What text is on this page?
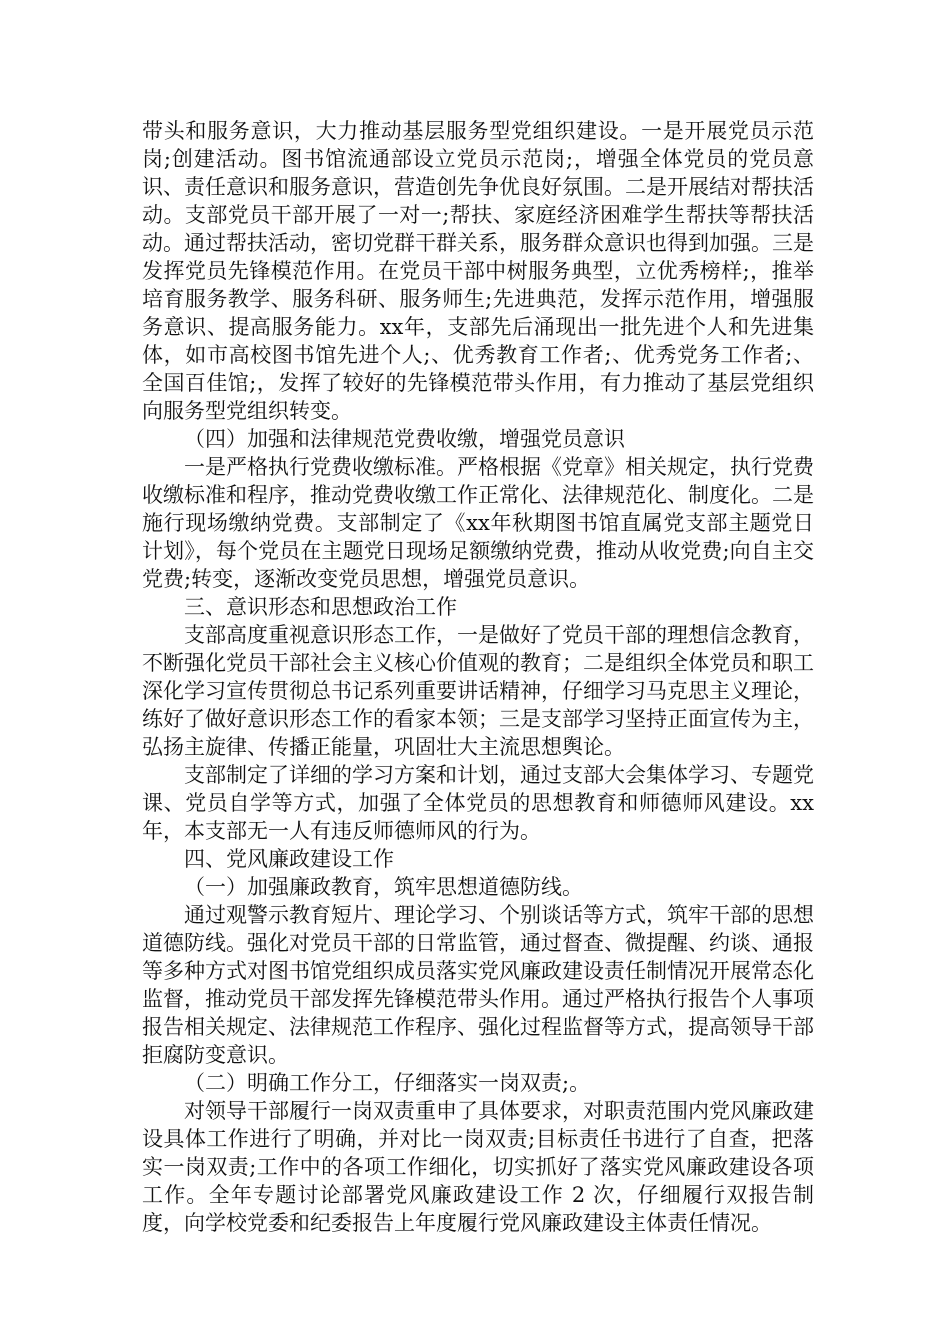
带头和服务意识，大力推动基层服务型党组织建设。一是开展党员示范岗;创建活动。图书馆流通部设立党员示范岗;，增强全体党员的党员意识、责任意识和服务意识，营造创先争优良好氛围。二是开展结对帮扶活动。支部党员干部开展了一对一;帮扶、家庭经济困难学生帮扶等帮扶活动。通过帮扶活动，密切党群干群关系，服务群众意识也得到加强。三是发挥党员先锋模范作用。在党员干部中树服务典型，立优秀榜样;，推举培育服务教学、服务科研、服务师生;先进典范，发挥示范作用，增强服务意识、提高服务能力。xx年，支部先后涌现出一批先进个人和先进集体，如市高校图书馆先进个人;、优秀教育工作者;、优秀党务工作者;、全国百佳馆;，发挥了较好的先锋模范带头作用，有力推动了基层党组织向服务型党组织转变。

（四）加强和法律规范党费收缴，增强党员意识

一是严格执行党费收缴标准。严格根据《党章》相关规定，执行党费收缴标准和程序，推动党费收缴工作正常化、法律规范化、制度化。二是施行现场缴纳党费。支部制定了《xx年秋期图书馆直属党支部主题党日计划》，每个党员在主题党日现场足额缴纳党费，推动从收党费;向自主交党费;转变，逐渐改变党员思想，增强党员意识。

三、意识形态和思想政治工作

支部高度重视意识形态工作，一是做好了党员干部的理想信念教育，不断强化党员干部社会主义核心价值观的教育；二是组织全体党员和职工深化学习宣传贯彻总书记系列重要讲话精神，仔细学习马克思主义理论，练好了做好意识形态工作的看家本领；三是支部学习坚持正面宣传为主，弘扬主旋律、传播正能量，巩固壮大主流思想舆论。

支部制定了详细的学习方案和计划，通过支部大会集体学习、专题党课、党员自学等方式，加强了全体党员的思想教育和师德师风建设。xx年，本支部无一人有违反师德师风的行为。

四、党风廉政建设工作

（一）加强廉政教育，筑牢思想道德防线。

通过观警示教育短片、理论学习、个别谈话等方式，筑牢干部的思想道德防线。强化对党员干部的日常监管，通过督查、微提醒、约谈、通报等多种方式对图书馆党组织成员落实党风廉政建设责任制情况开展常态化监督，推动党员干部发挥先锋模范带头作用。通过严格执行报告个人事项报告相关规定、法律规范工作程序、强化过程监督等方式，提高领导干部拒腐防变意识。

（二）明确工作分工，仔细落实一岗双责;。

对领导干部履行一岗双责重申了具体要求，对职责范围内党风廉政建设具体工作进行了明确，并对比一岗双责;目标责任书进行了自查，把落实一岗双责;工作中的各项工作细化，切实抓好了落实党风廉政建设各项工作。全年专题讨论部署党风廉政建设工作 2 次，仔细履行双报告制度，向学校党委和纪委报告上年度履行党风廉政建设主体责任情况。
